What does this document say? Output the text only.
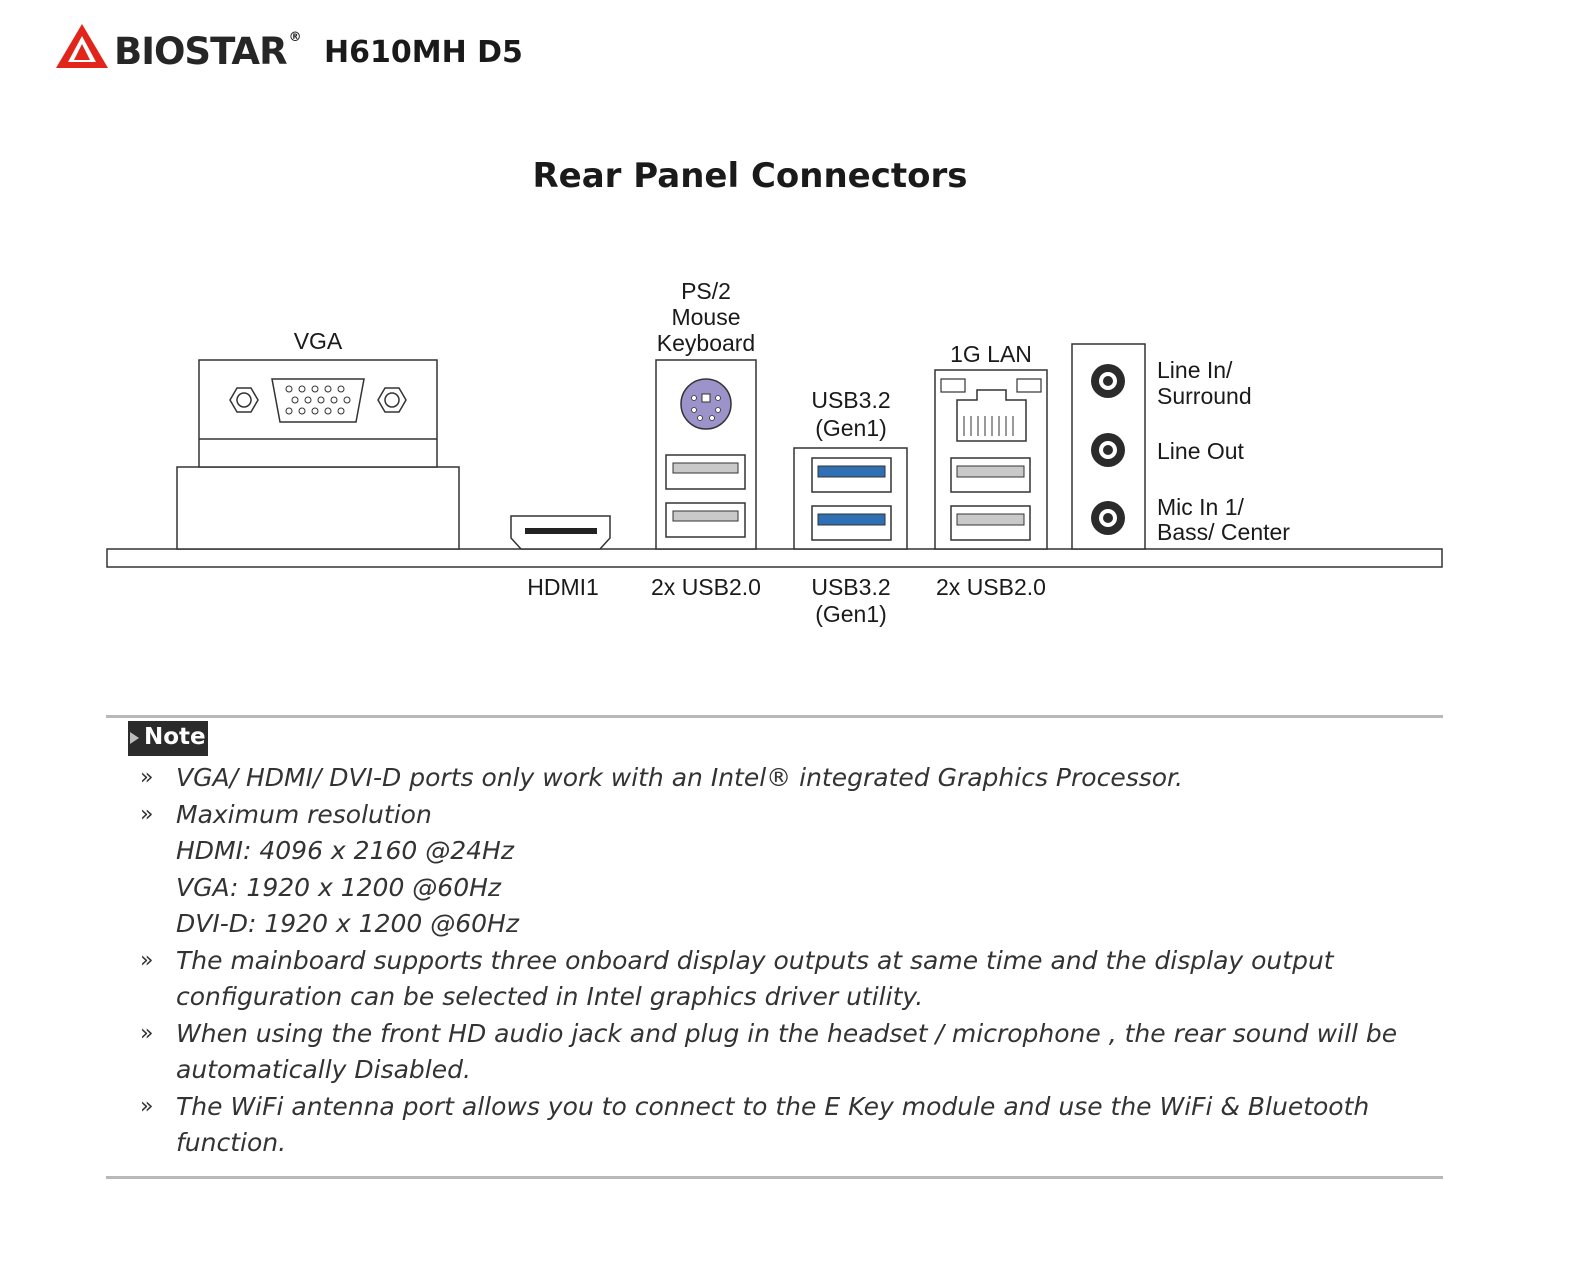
BIOSTAR ® H610MH D5
Rear Panel Connectors
VGA
HDMI1
PS/2
Mouse
Keyboard
2x USB2.0
USB3.2
(Gen1)
USB3.2
(Gen1)
1G LAN
2x USB2.0
Line In/
Surround
Line Out
Mic In 1/
Bass/ Center
Note
» VGA/ HDMI/ DVI-D ports only work with an Intel® integrated Graphics Processor.
» Maximum resolution
HDMI: 4096 x 2160 @24Hz
VGA: 1920 x 1200 @60Hz
DVI-D: 1920 x 1200 @60Hz
» The mainboard supports three onboard display outputs at same time and the display output
configuration can be selected in Intel graphics driver utility.
» When using the front HD audio jack and plug in the headset / microphone , the rear sound will be
automatically Disabled.
» The WiFi antenna port allows you to connect to the E Key module and use the WiFi & Bluetooth
function.
